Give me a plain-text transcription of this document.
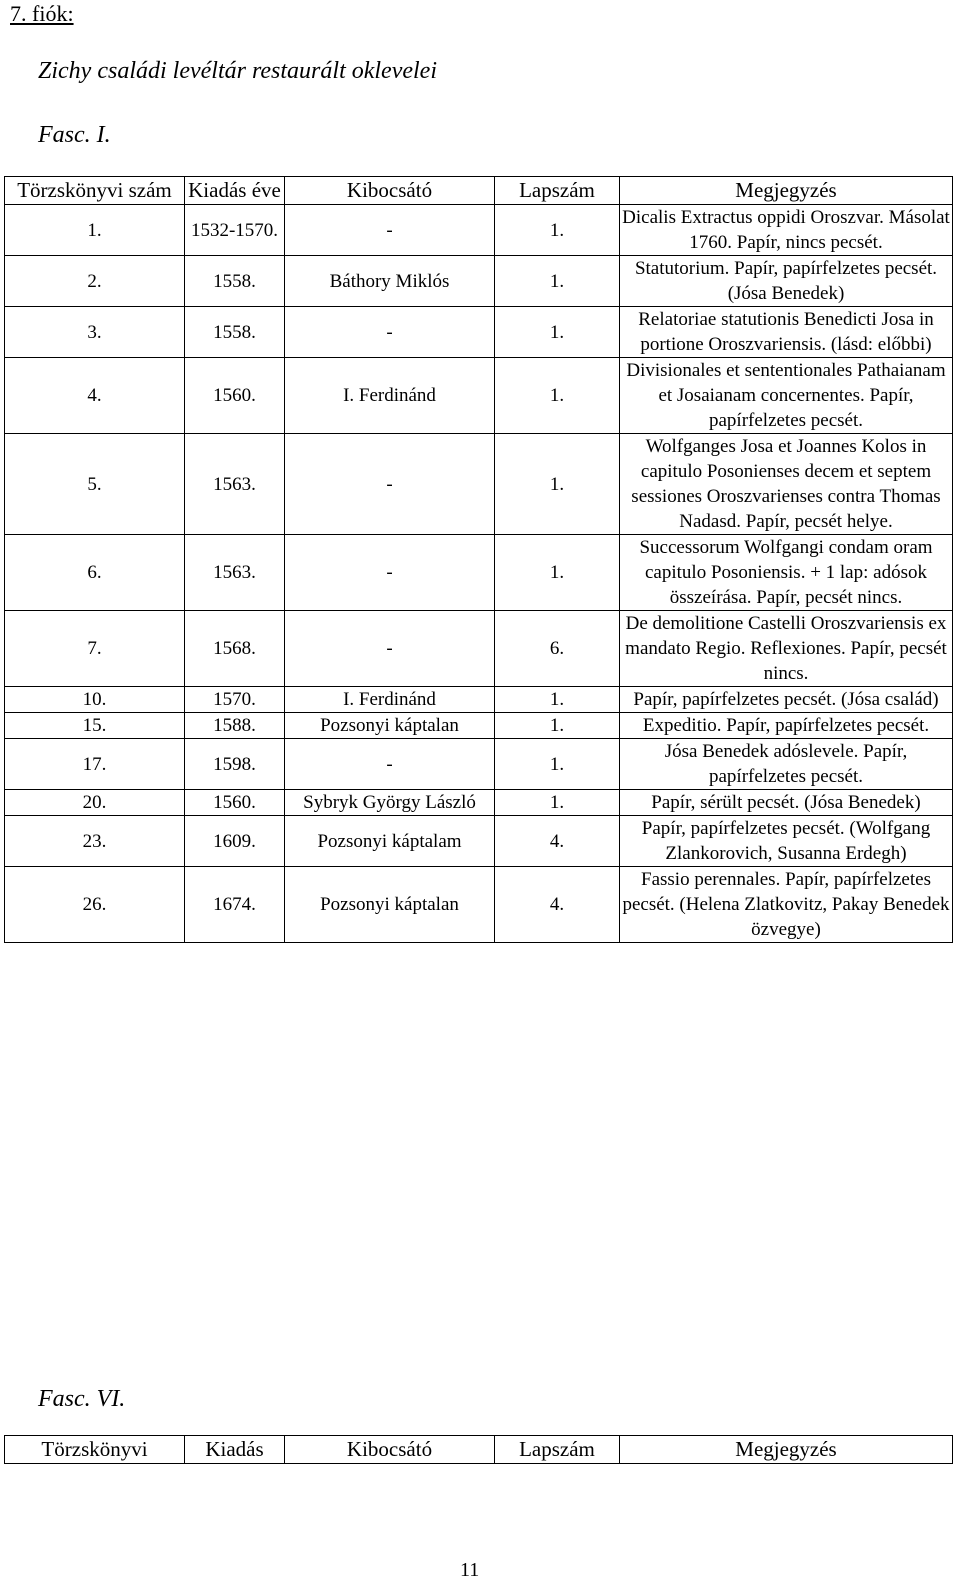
7. fiók:
Zichy családi levéltár restaurált oklevelei
Fasc. I.
Törzskönyvi szám	Kiadás éve	Kibocsátó	Lapszám	Megjegyzés
1.	1532-1570.	-	1.	Dicalis Extractus oppidi Oroszvar. Másolat 1760. Papír, nincs pecsét.
2.	1558.	Báthory Miklós	1.	Statutorium. Papír, papírfelzetes pecsét. (Jósa Benedek)
3.	1558.	-	1.	Relatoriae statutionis Benedicti Josa in portione Oroszvariensis. (lásd: előbbi)
4.	1560.	I. Ferdinánd	1.	Divisionales et sententionales Pathaianam et Josaianam concernentes. Papír, papírfelzetes pecsét.
5.	1563.	-	1.	Wolfganges Josa et Joannes Kolos in capitulo Posonienses decem et septem sessiones Oroszvarienses contra Thomas Nadasd. Papír, pecsét helye.
6.	1563.	-	1.	Successorum Wolfgangi condam oram capitulo Posoniensis. + 1 lap: adósok összeírása. Papír, pecsét nincs.
7.	1568.	-	6.	De demolitione Castelli Oroszvariensis ex mandato Regio. Reflexiones. Papír, pecsét nincs.
10.	1570.	I. Ferdinánd	1.	Papír, papírfelzetes pecsét. (Jósa család)
15.	1588.	Pozsonyi káptalan	1.	Expeditio. Papír, papírfelzetes pecsét.
17.	1598.	-	1.	Jósa Benedek adóslevele. Papír, papírfelzetes pecsét.
20.	1560.	Sybryk György László	1.	Papír, sérült pecsét. (Jósa Benedek)
23.	1609.	Pozsonyi káptalam	4.	Papír, papírfelzetes pecsét. (Wolfgang Zlankorovich, Susanna Erdegh)
26.	1674.	Pozsonyi káptalan	4.	Fassio perennales. Papír, papírfelzetes pecsét. (Helena Zlatkovitz, Pakay Benedek özvegye)
Fasc. VI.
Törzskönyvi	Kiadás	Kibocsátó	Lapszám	Megjegyzés
11
